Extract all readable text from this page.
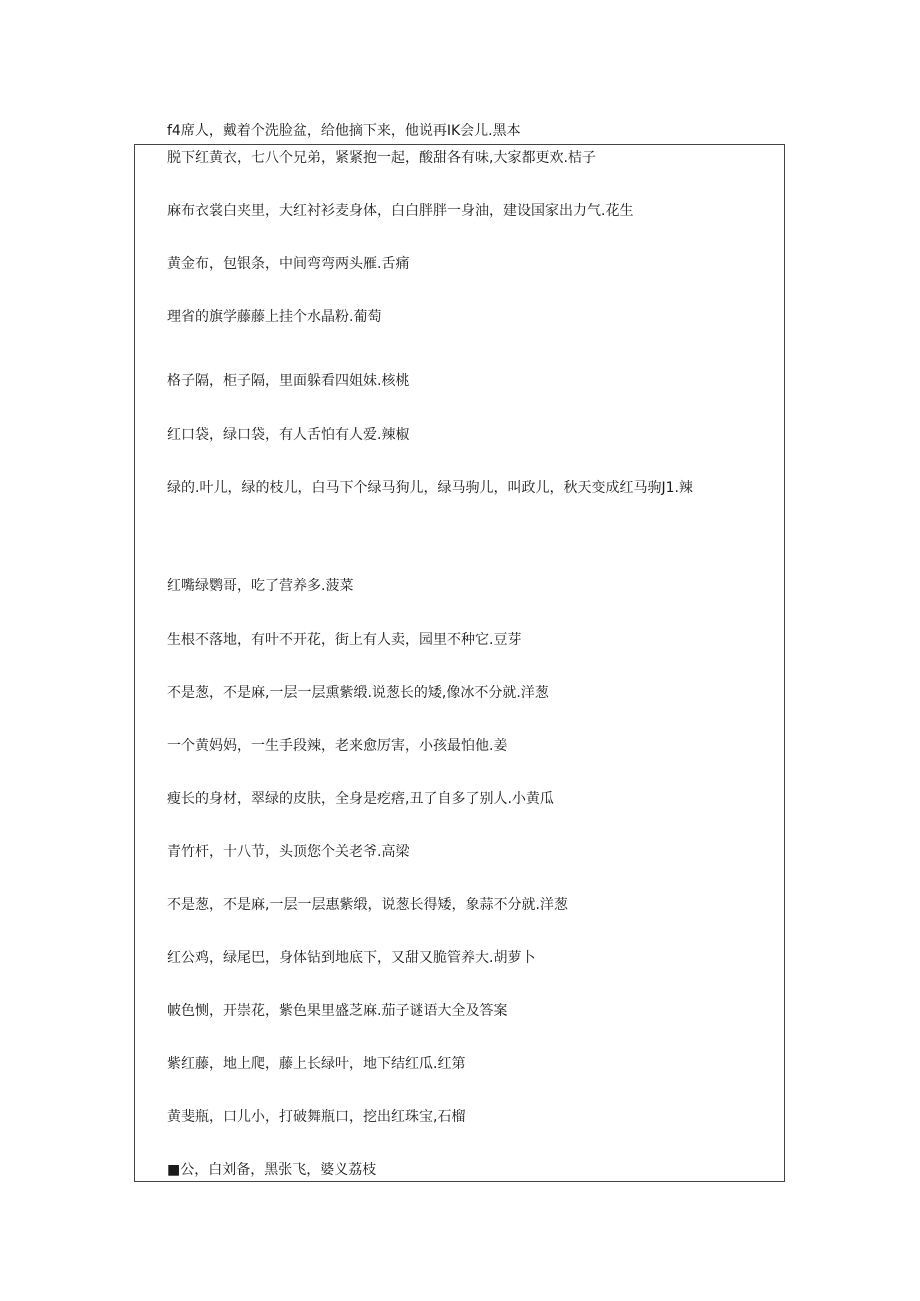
f4席人，戴着个洗脸盆，给他摘下来，他说再IK会儿.黑本
脱下红黄衣，七八个兄弟，紧紧抱一起，酸甜各有味,大家都更欢.桔子
麻布衣裳白夹里，大红衬衫麦身体，白白胖胖一身油，建设国家出力气.花生
黄金布，包银条，中间弯弯两头雁.舌痛
理省的旗学藤藤上挂个水晶粉.葡萄
格子隔，柜子隔，里面躲看四姐妹.核桃
红口袋，绿口袋，有人舌怕有人爱.辣椒
绿的.叶儿，绿的枝儿，白马下个绿马狗儿，绿马驹儿，叫政儿，秋天变成红马驹J1.辣
红嘴绿鹦哥，吃了营养多.菠菜
生根不落地，有叶不开花，街上有人卖，园里不种它.豆芽
不是葱，不是麻,一层一层熏紫缎.说葱长的矮,像冰不分就.洋葱
一个黄妈妈，一生手段辣，老来愈厉害，小孩最怕他.姜
瘦长的身材，翠绿的皮肤，全身是疙瘩,丑了自多了别人.小黄瓜
青竹杆，十八节，头顶您个关老爷.高梁
不是葱，不是麻,一层一层惠紫缎，说葱长得矮，象蒜不分就.洋葱
红公鸡，绿尾巴，身体钻到地底下，又甜又脆管养大.胡萝卜
帔色恻，开崇花，紫色果里盛芝麻.茄子谜语大全及答案
紫红藤，地上爬，藤上长绿叶，地下结红瓜.红第
黄斐瓶，口儿小，打破舞瓶口，挖出红珠宝,石榴
■公，白刘备，黑张飞，婆义荔枝
